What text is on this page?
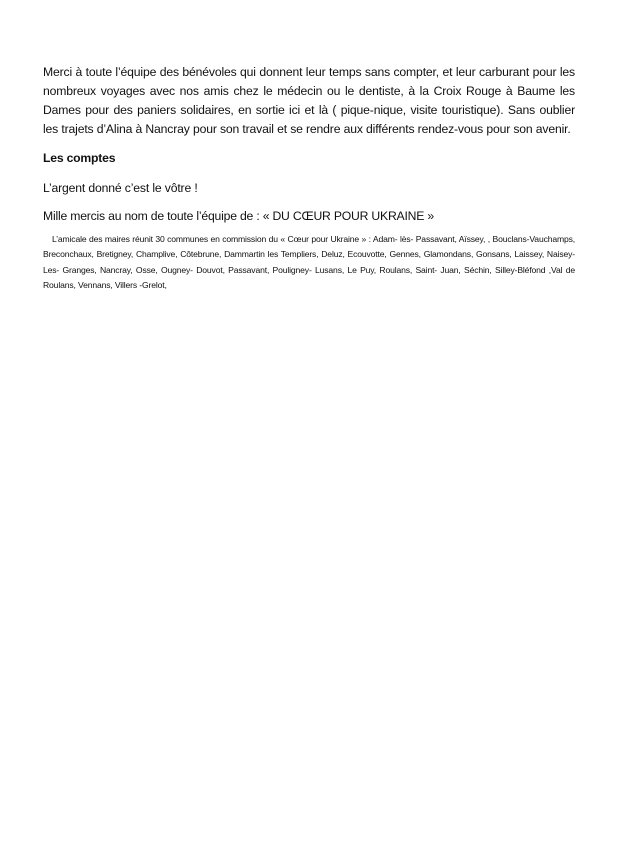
Merci à toute l’équipe des bénévoles qui donnent leur temps sans compter, et leur carburant pour les nombreux voyages avec nos amis chez le médecin ou le dentiste, à la Croix Rouge à Baume les Dames pour des paniers solidaires, en sortie ici et là ( pique-nique, visite touristique). Sans oublier les trajets d’Alina à Nancray pour son travail et se rendre aux différents rendez-vous pour son avenir.

Les comptes

L’argent donné c’est le vôtre !

Mille mercis au nom de toute l’équipe de : « DU CŒUR POUR UKRAINE »

L’amicale des maires réunit 30 communes en commission du « Cœur pour Ukraine » : Adam- lès- Passavant, Aïssey, , Bouclans-Vauchamps, Breconchaux, Bretigney, Champlive, Côtebrune, Dammartin les Templiers, Deluz, Ecouvotte, Gennes, Glamondans, Gonsans, Laissey, Naisey- Les- Granges, Nancray, Osse, Ougney- Douvot, Passavant, Pouligney- Lusans, Le Puy, Roulans, Saint- Juan, Séchin, Silley-Bléfond ,Val de Roulans, Vennans, Villers -Grelot,
